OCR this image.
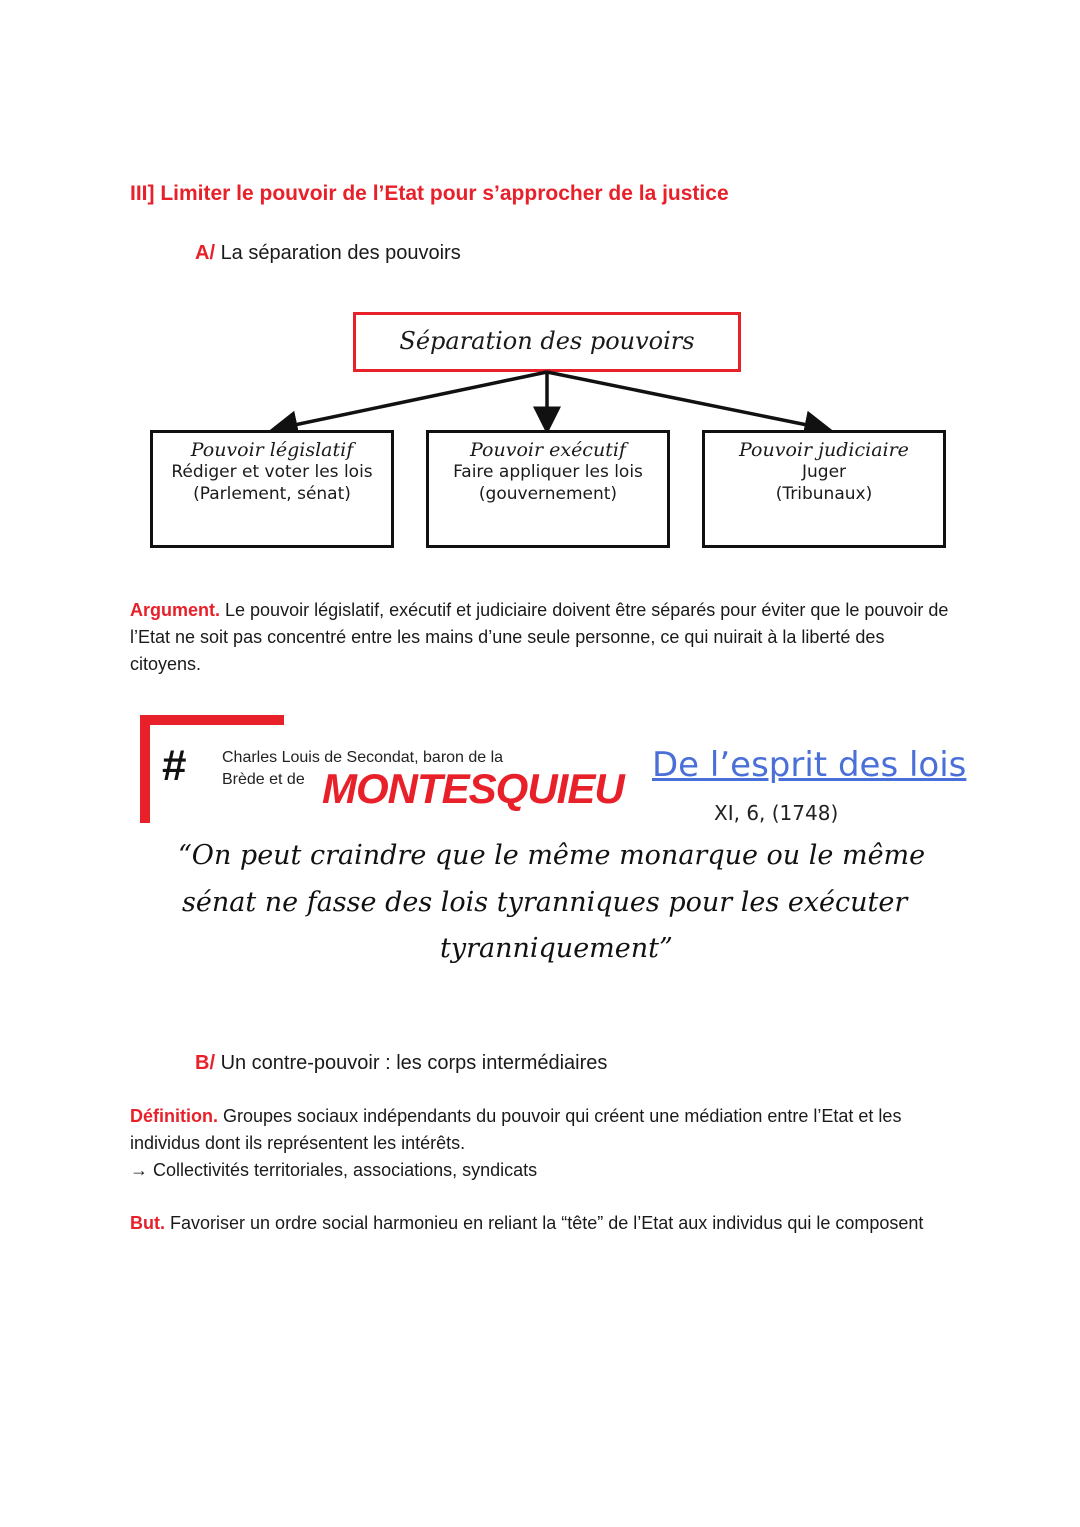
III] Limiter le pouvoir de l’Etat pour s’approcher de la justice
A/ La séparation des pouvoirs
Séparation des pouvoirs
Pouvoir législatif
Rédiger et voter les lois
(Parlement, sénat)
Pouvoir exécutif
Faire appliquer les lois
(gouvernement)
Pouvoir judiciaire
Juger
(Tribunaux)
Argument. Le pouvoir législatif, exécutif et judiciaire doivent être séparés pour éviter que le pouvoir de l’Etat ne soit pas concentré entre les mains d’une seule personne, ce qui nuirait à la liberté des citoyens.
# Charles Louis de Secondat, baron de la
Brède et de MONTESQUIEU De l’esprit des lois
XI, 6, (1748)
“On peut craindre que le même monarque ou le même
sénat ne fasse des lois tyranniques pour les exécuter
tyranniquement”
B/ Un contre-pouvoir : les corps intermédiaires
Définition. Groupes sociaux indépendants du pouvoir qui créent une médiation entre l’Etat et les individus dont ils représentent les intérêts.
→ Collectivités territoriales, associations, syndicats
But. Favoriser un ordre social harmonieu en reliant la “tête” de l’Etat aux individus qui le composent
